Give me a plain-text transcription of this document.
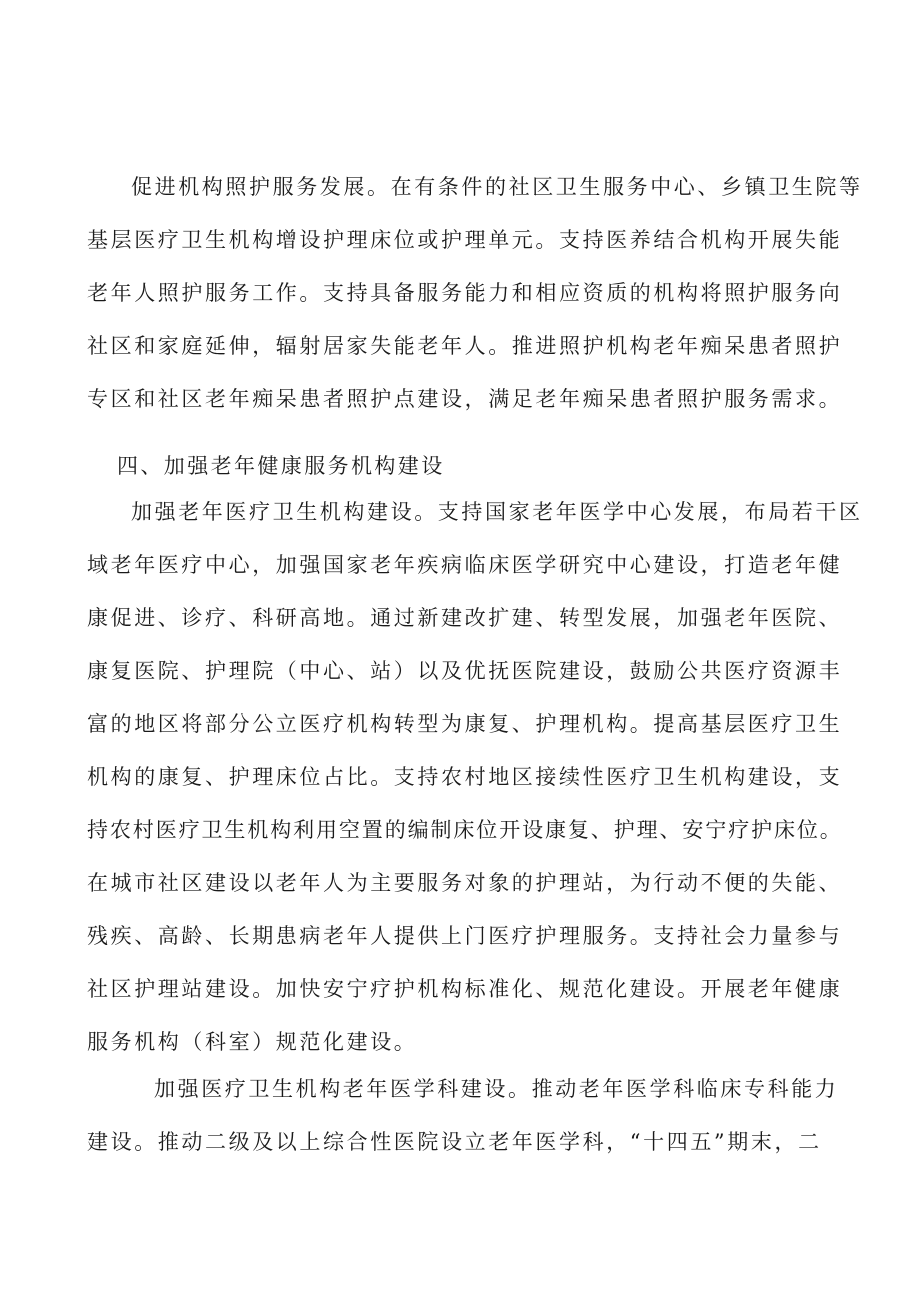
促进机构照护服务发展。在有条件的社区卫生服务中心、乡镇卫生院等
基层医疗卫生机构增设护理床位或护理单元。支持医养结合机构开展失能
老年人照护服务工作。支持具备服务能力和相应资质的机构将照护服务向
社区和家庭延伸，辐射居家失能老年人。推进照护机构老年痴呆患者照护
专区和社区老年痴呆患者照护点建设，满足老年痴呆患者照护服务需求。
四、加强老年健康服务机构建设
加强老年医疗卫生机构建设。支持国家老年医学中心发展，布局若干区
域老年医疗中心，加强国家老年疾病临床医学研究中心建设，打造老年健
康促进、诊疗、科研高地。通过新建改扩建、转型发展，加强老年医院、
康复医院、护理院（中心、站）以及优抚医院建设，鼓励公共医疗资源丰
富的地区将部分公立医疗机构转型为康复、护理机构。提高基层医疗卫生
机构的康复、护理床位占比。支持农村地区接续性医疗卫生机构建设，支
持农村医疗卫生机构利用空置的编制床位开设康复、护理、安宁疗护床位。
在城市社区建设以老年人为主要服务对象的护理站，为行动不便的失能、
残疾、高龄、长期患病老年人提供上门医疗护理服务。支持社会力量参与
社区护理站建设。加快安宁疗护机构标准化、规范化建设。开展老年健康
服务机构（科室）规范化建设。
加强医疗卫生机构老年医学科建设。推动老年医学科临床专科能力
建设。推动二级及以上综合性医院设立老年医学科，“十四五”期末，二
